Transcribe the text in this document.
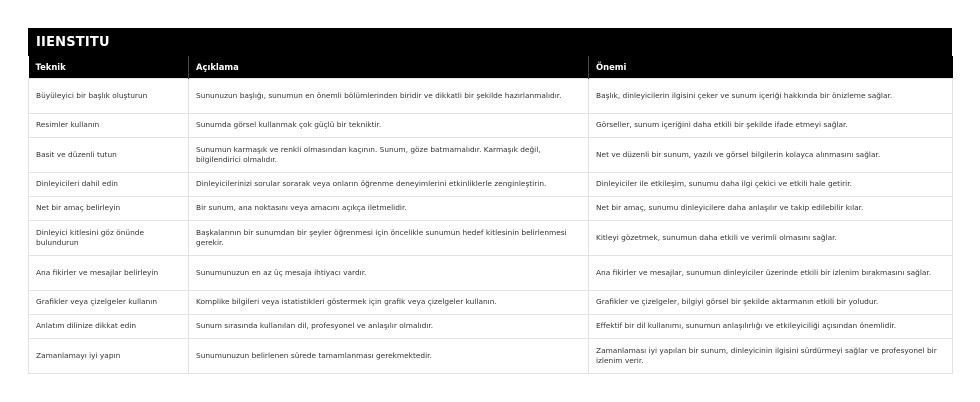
IIENSTITU
Teknik	Açıklama	Önemi
Büyüleyici bir başlık oluşturun	Sununuzun başlığı, sunumun en önemli bölümlerinden biridir ve dikkatli bir şekilde hazırlanmalıdır.	Başlık, dinleyicilerin ilgisini çeker ve sunum içeriği hakkında bir önizleme sağlar.
Resimler kullanın	Sunumda görsel kullanmak çok güçlü bir tekniktir.	Görseller, sunum içeriğini daha etkili bir şekilde ifade etmeyi sağlar.
Basit ve düzenli tutun	Sunumun karmaşık ve renkli olmasından kaçının. Sunum, göze batmamalıdır. Karmaşık değil, bilgilendirici olmalıdır.	Net ve düzenli bir sunum, yazılı ve görsel bilgilerin kolayca alınmasını sağlar.
Dinleyicileri dahil edin	Dinleyicilerinizi sorular sorarak veya onların öğrenme deneyimlerini etkinliklerle zenginleştirin.	Dinleyiciler ile etkileşim, sunumu daha ilgi çekici ve etkili hale getirir.
Net bir amaç belirleyin	Bir sunum, ana noktasını veya amacını açıkça iletmelidir.	Net bir amaç, sunumu dinleyicilere daha anlaşılır ve takip edilebilir kılar.
Dinleyici kitlesini göz önünde bulundurun	Başkalarının bir sunumdan bir şeyler öğrenmesi için öncelikle sunumun hedef kitlesinin belirlenmesi gerekir.	Kitleyi gözetmek, sunumun daha etkili ve verimli olmasını sağlar.
Ana fikirler ve mesajlar belirleyin	Sunumunuzun en az üç mesaja ihtiyacı vardır.	Ana fikirler ve mesajlar, sunumun dinleyiciler üzerinde etkili bir izlenim bırakmasını sağlar.
Grafikler veya çizelgeler kullanın	Komplike bilgileri veya istatistikleri göstermek için grafik veya çizelgeler kullanın.	Grafikler ve çizelgeler, bilgiyi görsel bir şekilde aktarmanın etkili bir yoludur.
Anlatım dilinize dikkat edin	Sunum sırasında kullanılan dil, profesyonel ve anlaşılır olmalıdır.	Effektif bir dil kullanımı, sunumun anlaşılırlığı ve etkileyiciliği açısından önemlidir.
Zamanlamayı iyi yapın	Sunumunuzun belirlenen sürede tamamlanması gerekmektedir.	Zamanlaması iyi yapılan bir sunum, dinleyicinin ilgisini sürdürmeyi sağlar ve profesyonel bir izlenim verir.
